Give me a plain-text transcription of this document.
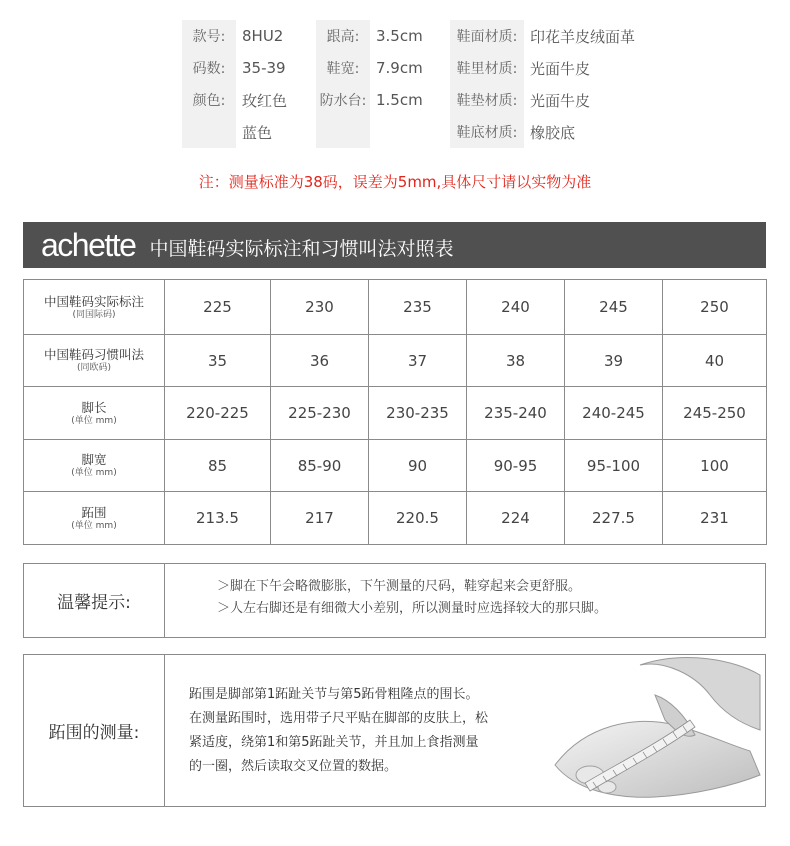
款号:	8HU2	跟高:	3.5cm	鞋面材质:	印花羊皮绒面革
码数:	35-39	鞋宽:	7.9cm	鞋里材质:	光面牛皮
颜色:	玫红色	防水台:	1.5cm	鞋垫材质:	光面牛皮
	蓝色			鞋底材质:	橡胶底
注：测量标准为38码，误差为5mm,具体尺寸请以实物为准
achette 中国鞋码实际标注和习惯叫法对照表
中国鞋码实际标注
(同国际码)	225	230	235	240	245	250
中国鞋码习惯叫法
(同欧码)	35	36	37	38	39	40
脚长
(单位 mm)	220-225	225-230	230-235	235-240	240-245	245-250
脚宽
(单位 mm)	85	85-90	90	90-95	95-100	100
跖围
(单位 mm)	213.5	217	220.5	224	227.5	231
温馨提示:
＞脚在下午会略微膨胀，下午测量的尺码，鞋穿起来会更舒服。
＞人左右脚还是有细微大小差别，所以测量时应选择较大的那只脚。
跖围的测量:
跖围是脚部第1跖趾关节与第5跖骨粗隆点的围长。
在测量跖围时，选用带子尺平贴在脚部的皮肤上，松
紧适度，绕第1和第5跖趾关节，并且加上食指测量
的一圈，然后读取交叉位置的数据。
